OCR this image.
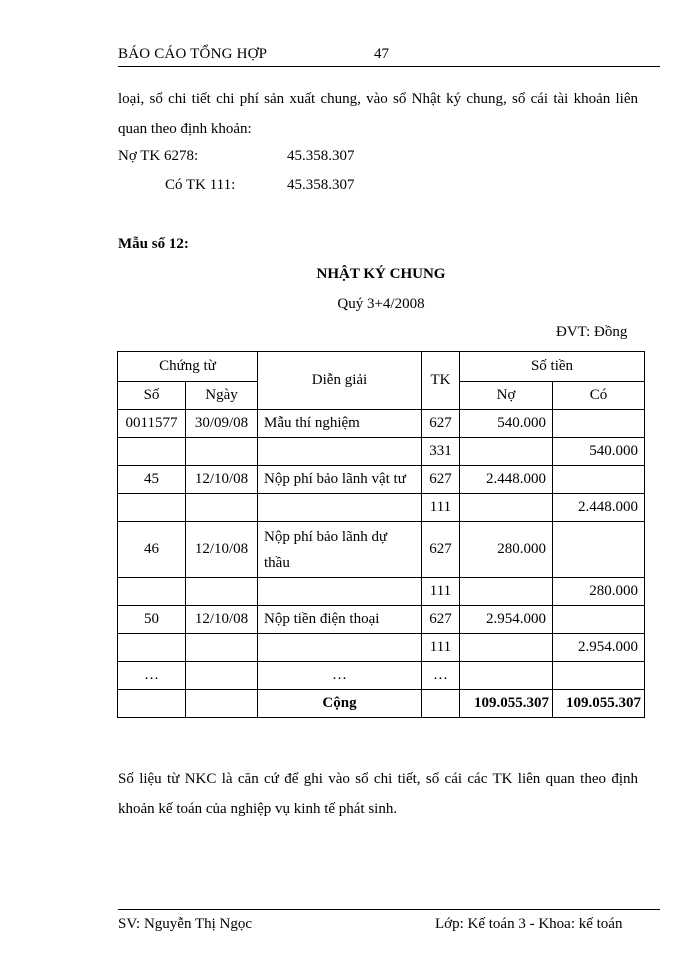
BÁO CÁO TỔNG HỢP	47
loại, sổ chi tiết chi phí sản xuất chung, vào sổ Nhật ký chung, sổ cái tài khoản liên quan theo định khoản:
Nợ TK 6278:	45.358.307
Có TK 111:	45.358.307
Mẫu số 12:
NHẬT KÝ CHUNG
Quý 3+4/2008
ĐVT: Đồng
Chứng từ		Diễn giải	TK	Số tiền	
Số	Ngày			Nợ	Có
0011577	30/09/08	Mẫu thí nghiệm	627	540.000	
			331		540.000
45	12/10/08	Nộp phí bảo lãnh vật tư	627	2.448.000	
			111		2.448.000
46	12/10/08	Nộp phí bảo lãnh dự thầu	627	280.000	
			111		280.000
50	12/10/08	Nộp tiền điện thoại	627	2.954.000	
			111		2.954.000
…		…	…		
		Cộng		109.055.307	109.055.307
Số liệu từ NKC là căn cứ để ghi vào sổ chi tiết, sổ cái các TK liên quan theo định khoản kế toán của nghiệp vụ kinh tế phát sinh.
SV: Nguyễn Thị Ngọc	Lớp: Kế toán 3 - Khoa: kế toán
